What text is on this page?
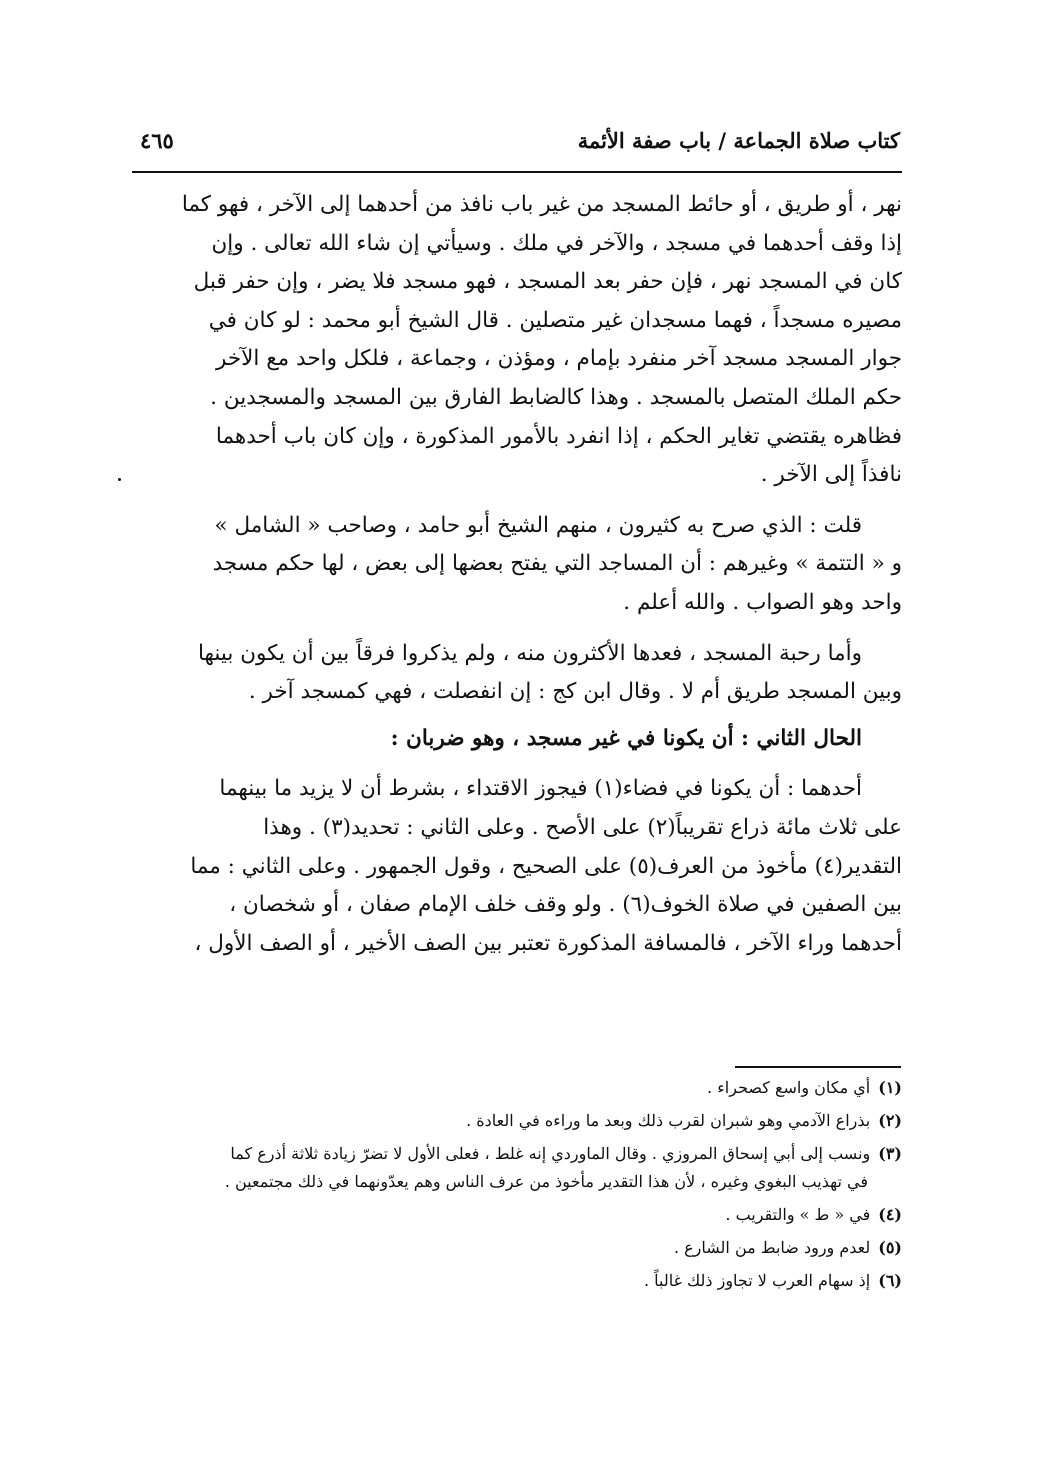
كتاب صلاة الجماعة / باب صفة الأئمة
٤٦٥
نهر ، أو طريق ، أو حائط المسجد من غير باب نافذ من أحدهما إلى الآخر ، فهو كما
إذا وقف أحدهما في مسجد ، والآخر في ملك . وسيأتي إن شاء الله تعالى . وإن
كان في المسجد نهر ، فإن حفر بعد المسجد ، فهو مسجد فلا يضر ، وإن حفر قبل
مصيره مسجداً ، فهما مسجدان غير متصلين . قال الشيخ أبو محمد : لو كان في
جوار المسجد مسجد آخر منفرد بإمام ، ومؤذن ، وجماعة ، فلكل واحد مع الآخر
حكم الملك المتصل بالمسجد . وهذا كالضابط الفارق بين المسجد والمسجدين .
فظاهره يقتضي تغاير الحكم ، إذا انفرد بالأمور المذكورة ، وإن كان باب أحدهما
نافذاً إلى الآخر .
قلت : الذي صرح به كثيرون ، منهم الشيخ أبو حامد ، وصاحب « الشامل »
و « التتمة » وغيرهم : أن المساجد التي يفتح بعضها إلى بعض ، لها حكم مسجد
واحد وهو الصواب . والله أعلم .
وأما رحبة المسجد ، فعدها الأكثرون منه ، ولم يذكروا فرقاً بين أن يكون بينها
وبين المسجد طريق أم لا . وقال ابن كج : إن انفصلت ، فهي كمسجد آخر .
الحال الثاني : أن يكونا في غير مسجد ، وهو ضربان :
أحدهما : أن يكونا في فضاء(١) فيجوز الاقتداء ، بشرط أن لا يزيد ما بينهما
على ثلاث مائة ذراع تقريباً(٢) على الأصح . وعلى الثاني : تحديد(٣) . وهذا
التقدير(٤) مأخوذ من العرف(٥) على الصحيح ، وقول الجمهور . وعلى الثاني : مما
بين الصفين في صلاة الخوف(٦) . ولو وقف خلف الإمام صفان ، أو شخصان ،
أحدهما وراء الآخر ، فالمسافة المذكورة تعتبر بين الصف الأخير ، أو الصف الأول ،
(١)أي مكان واسع كصحراء .
(٢)بذراع الآدمي وهو شبران لقرب ذلك وبعد ما وراءه في العادة .
(٣)ونسب إلى أبي إسحاق المروزي . وقال الماوردي إنه غلط ، فعلى الأول لا تضرّ زيادة ثلاثة أذرع كما
في تهذيب البغوي وغيره ، لأن هذا التقدير مأخوذ من عرف الناس وهم يعدّونهما في ذلك مجتمعين .
(٤)في « ط » والتقريب .
(٥)لعدم ورود ضابط من الشارع .
(٦)إذ سهام العرب لا تجاوز ذلك غالباً .
